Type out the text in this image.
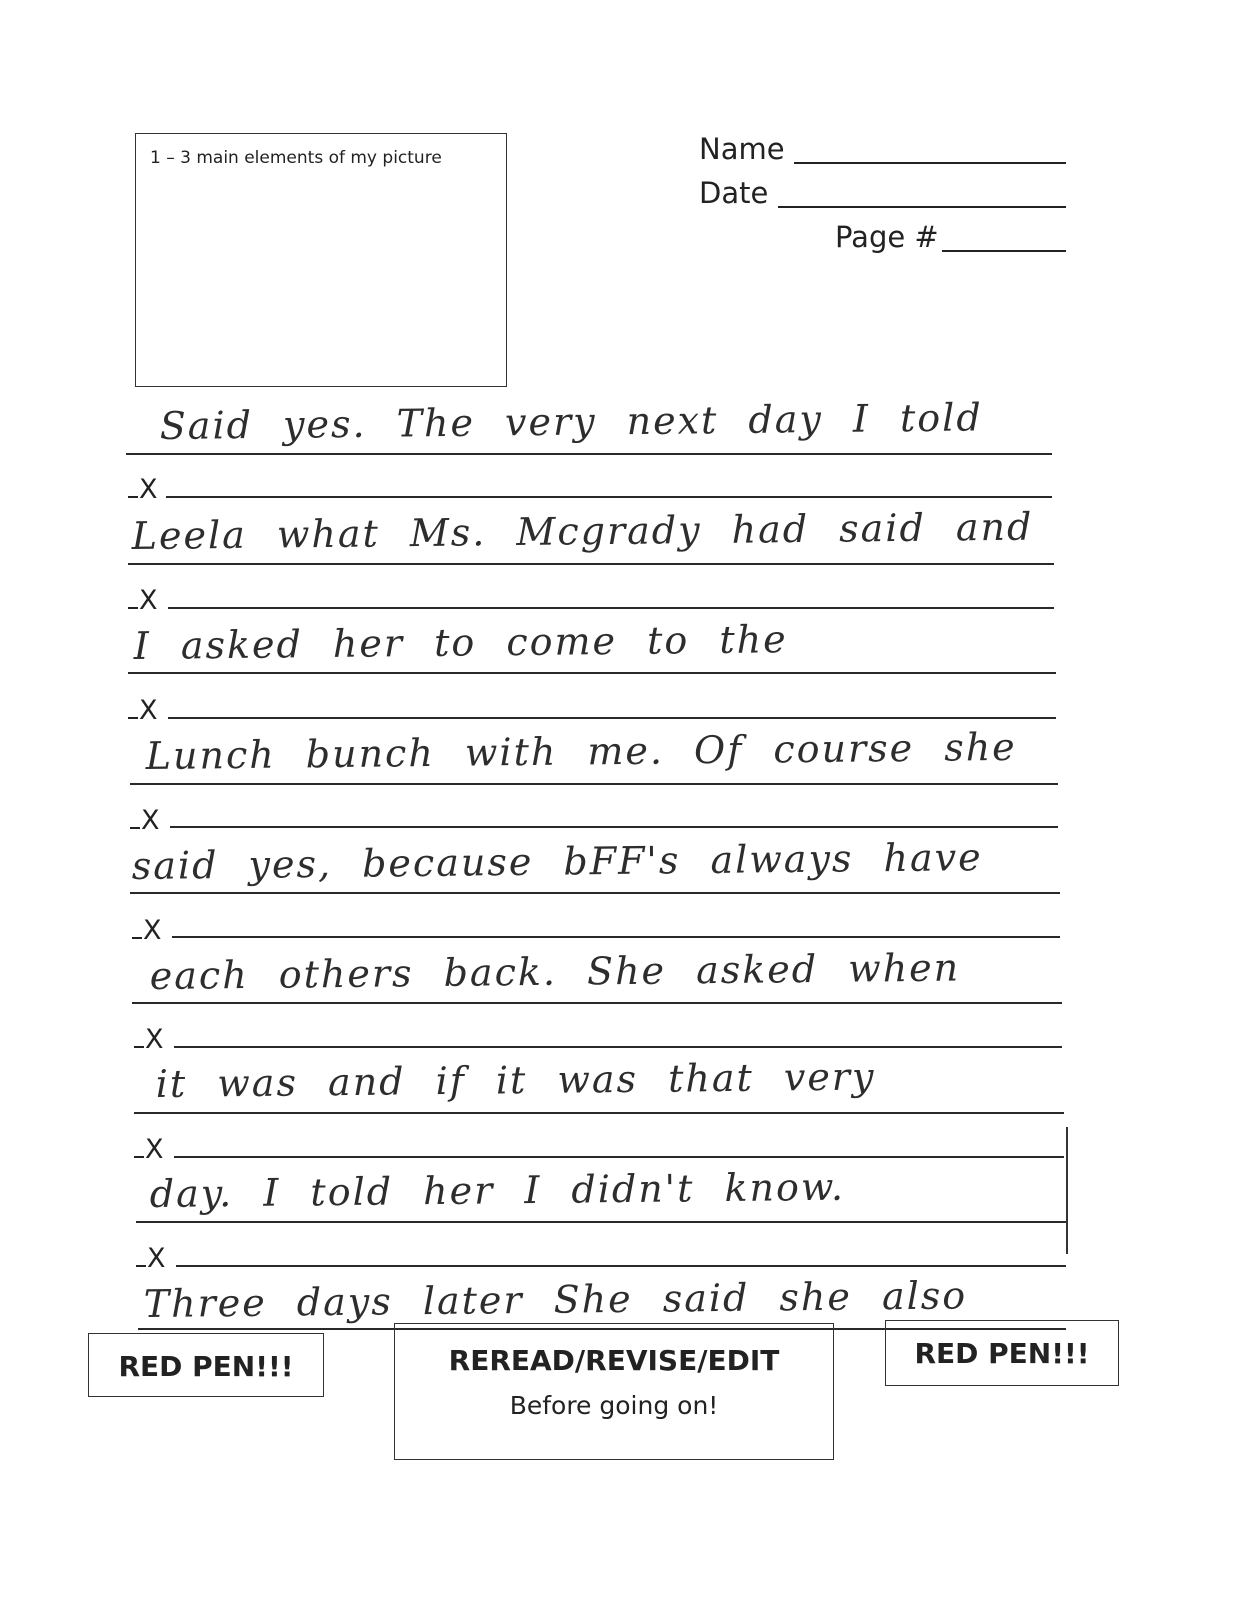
1 – 3 main elements of my picture	Name
Date
Page #
Said yes. The very next day I told
X
Leela what Ms. Mcgrady had said and
X
I asked her to come to the
X
Lunch bunch with me. Of course she
X
said yes, because bFF's always have
X
each others back. She asked when
X
it was and if it was that very
X
day. I told her I didn't know.
X
Three days later She said she also
RED PEN!!!	REREAD/REVISE/EDIT
Before going on!
RED PEN!!!
